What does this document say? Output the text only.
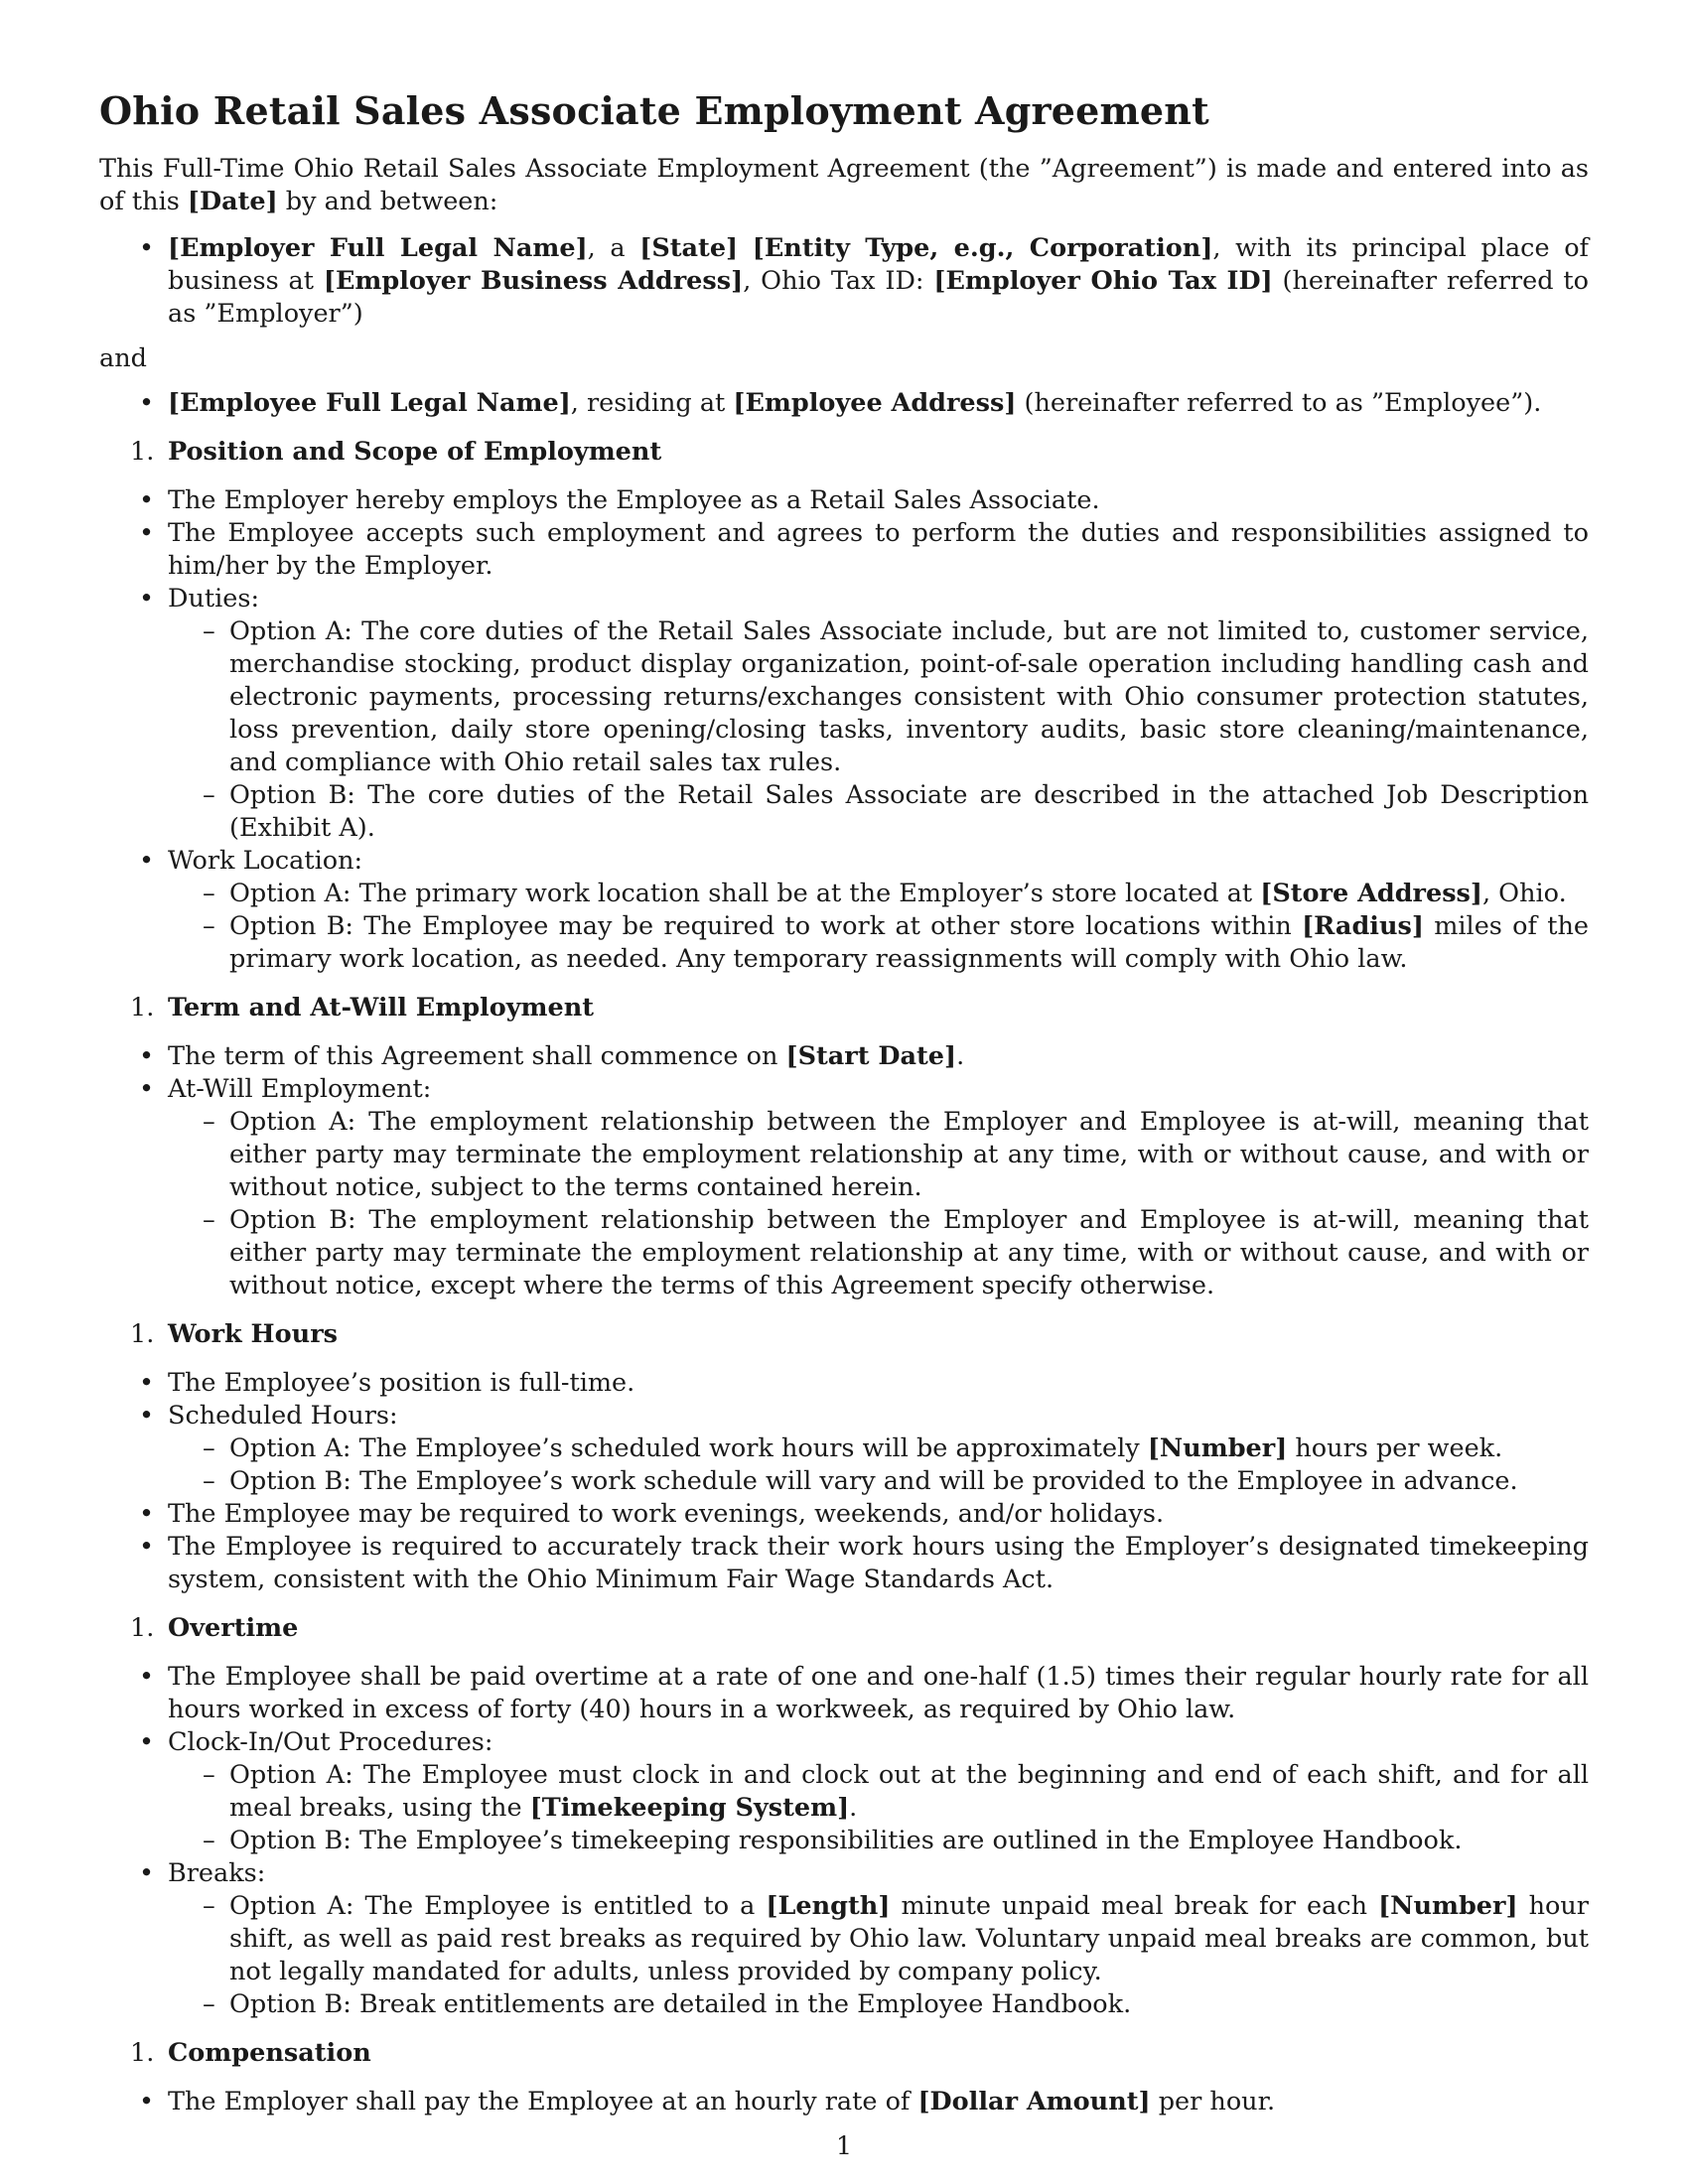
Ohio Retail Sales Associate Employment Agreement

This Full-Time Ohio Retail Sales Associate Employment Agreement (the ”Agreement”) is made and entered into as of this [Date] by and between:

• [Employer Full Legal Name], a [State] [Entity Type, e.g., Corporation], with its principal place of business at [Employer Business Address], Ohio Tax ID: [Employer Ohio Tax ID] (hereinafter referred to as ”Employer”)

and

• [Employee Full Legal Name], residing at [Employee Address] (hereinafter referred to as ”Employee”).
1. Position and Scope of Employment
• The Employer hereby employs the Employee as a Retail Sales Associate.
• The Employee accepts such employment and agrees to perform the duties and responsibilities assigned to him/her by the Employer.
• Duties:
– Option A: The core duties of the Retail Sales Associate include, but are not limited to, customer service, merchandise stocking, product display organization, point-of-sale operation including handling cash and electronic payments, processing returns/exchanges consistent with Ohio consumer protection statutes, loss prevention, daily store opening/closing tasks, inventory audits, basic store cleaning/maintenance, and compliance with Ohio retail sales tax rules.
– Option B: The core duties of the Retail Sales Associate are described in the attached Job Description (Exhibit A).
• Work Location:
– Option A: The primary work location shall be at the Employer’s store located at [Store Address], Ohio.
– Option B: The Employee may be required to work at other store locations within [Radius] miles of the primary work location, as needed. Any temporary reassignments will comply with Ohio law.
1. Term and At-Will Employment
• The term of this Agreement shall commence on [Start Date].
• At-Will Employment:
– Option A: The employment relationship between the Employer and Employee is at-will, meaning that either party may terminate the employment relationship at any time, with or without cause, and with or without notice, subject to the terms contained herein.
– Option B: The employment relationship between the Employer and Employee is at-will, meaning that either party may terminate the employment relationship at any time, with or without cause, and with or without notice, except where the terms of this Agreement specify otherwise.
1. Work Hours
• The Employee’s position is full-time.
• Scheduled Hours:
– Option A: The Employee’s scheduled work hours will be approximately [Number] hours per week.
– Option B: The Employee’s work schedule will vary and will be provided to the Employee in advance.
• The Employee may be required to work evenings, weekends, and/or holidays.
• The Employee is required to accurately track their work hours using the Employer’s designated timekeeping system, consistent with the Ohio Minimum Fair Wage Standards Act.
1. Overtime
• The Employee shall be paid overtime at a rate of one and one-half (1.5) times their regular hourly rate for all hours worked in excess of forty (40) hours in a workweek, as required by Ohio law.
• Clock-In/Out Procedures:
– Option A: The Employee must clock in and clock out at the beginning and end of each shift, and for all meal breaks, using the [Timekeeping System].
– Option B: The Employee’s timekeeping responsibilities are outlined in the Employee Handbook.
• Breaks:
– Option A: The Employee is entitled to a [Length] minute unpaid meal break for each [Number] hour shift, as well as paid rest breaks as required by Ohio law. Voluntary unpaid meal breaks are common, but not legally mandated for adults, unless provided by company policy.
– Option B: Break entitlements are detailed in the Employee Handbook.
1. Compensation
• The Employer shall pay the Employee at an hourly rate of [Dollar Amount] per hour.
1
